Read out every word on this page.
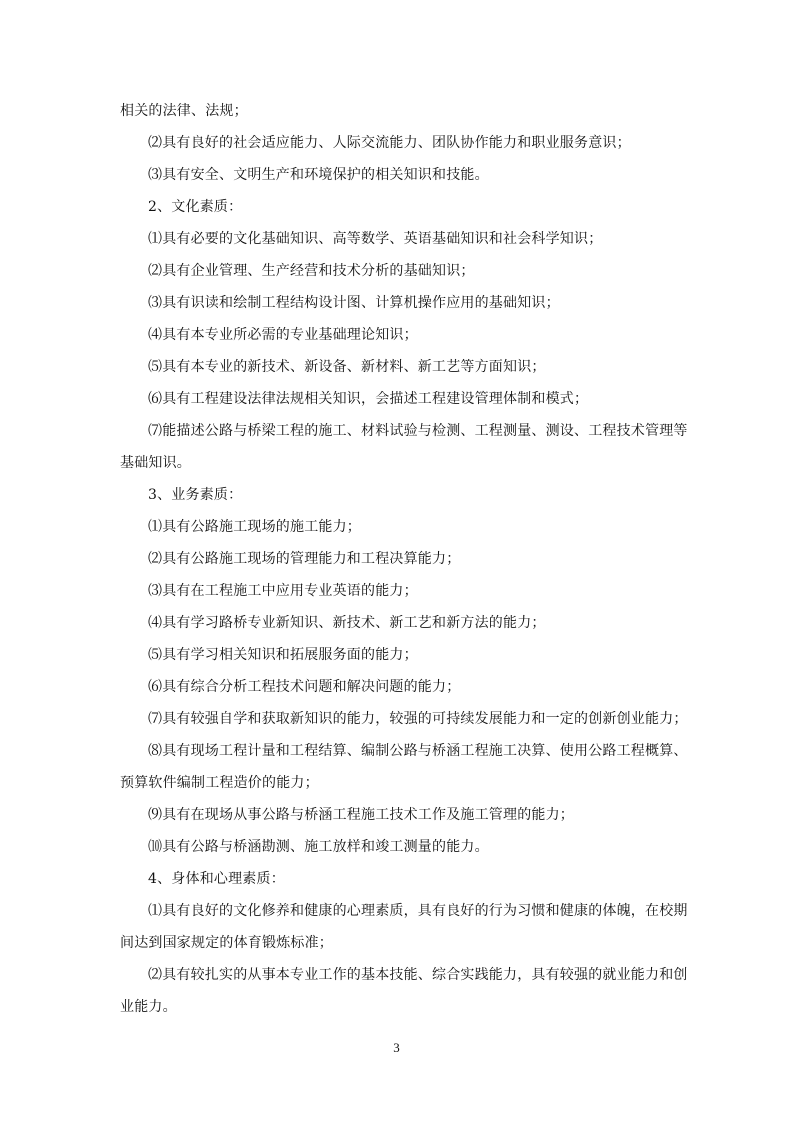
相关的法律、法规；
⑵具有良好的社会适应能力、人际交流能力、团队协作能力和职业服务意识；
⑶具有安全、文明生产和环境保护的相关知识和技能。
2、文化素质：
⑴具有必要的文化基础知识、高等数学、英语基础知识和社会科学知识；
⑵具有企业管理、生产经营和技术分析的基础知识；
⑶具有识读和绘制工程结构设计图、计算机操作应用的基础知识；
⑷具有本专业所必需的专业基础理论知识；
⑸具有本专业的新技术、新设备、新材料、新工艺等方面知识；
⑹具有工程建设法律法规相关知识，会描述工程建设管理体制和模式；
⑺能描述公路与桥梁工程的施工、材料试验与检测、工程测量、测设、工程技术管理等
基础知识。
3、业务素质：
⑴具有公路施工现场的施工能力；
⑵具有公路施工现场的管理能力和工程决算能力；
⑶具有在工程施工中应用专业英语的能力；
⑷具有学习路桥专业新知识、新技术、新工艺和新方法的能力；
⑸具有学习相关知识和拓展服务面的能力；
⑹具有综合分析工程技术问题和解决问题的能力；
⑺具有较强自学和获取新知识的能力，较强的可持续发展能力和一定的创新创业能力；
⑻具有现场工程计量和工程结算、编制公路与桥涵工程施工决算、使用公路工程概算、
预算软件编制工程造价的能力；
⑼具有在现场从事公路与桥涵工程施工技术工作及施工管理的能力；
⑽具有公路与桥涵勘测、施工放样和竣工测量的能力。
4、身体和心理素质：
⑴具有良好的文化修养和健康的心理素质，具有良好的行为习惯和健康的体魄，在校期
间达到国家规定的体育锻炼标准；
⑵具有较扎实的从事本专业工作的基本技能、综合实践能力，具有较强的就业能力和创
业能力。
3
